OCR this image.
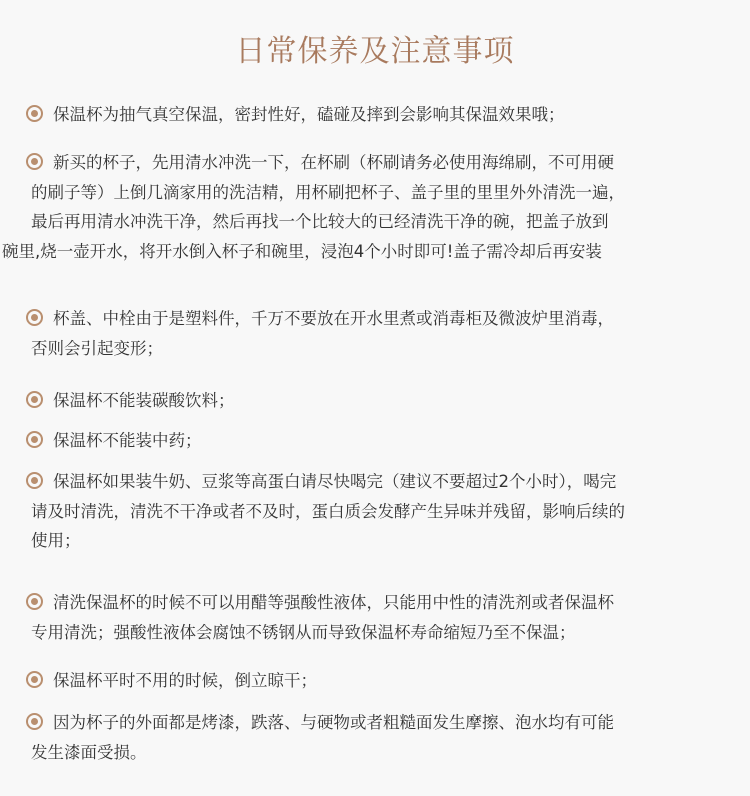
日常保养及注意事项
保温杯为抽气真空保温，密封性好，磕碰及摔到会影响其保温效果哦；
新买的杯子，先用清水冲洗一下，在杯刷（杯刷请务必使用海绵刷，不可用硬
的刷子等）上倒几滴家用的洗洁精，用杯刷把杯子、盖子里的里里外外清洗一遍，
最后再用清水冲洗干净，然后再找一个比较大的已经清洗干净的碗，把盖子放到
碗里,烧一壶开水，将开水倒入杯子和碗里，浸泡4个小时即可!盖子需冷却后再安装
杯盖、中栓由于是塑料件，千万不要放在开水里煮或消毒柜及微波炉里消毒，
否则会引起变形；
保温杯不能装碳酸饮料；
保温杯不能装中药；
保温杯如果装牛奶、豆浆等高蛋白请尽快喝完（建议不要超过2个小时），喝完
请及时清洗，清洗不干净或者不及时，蛋白质会发酵产生异味并残留，影响后续的
使用；
清洗保温杯的时候不可以用醋等强酸性液体，只能用中性的清洗剂或者保温杯
专用清洗；强酸性液体会腐蚀不锈钢从而导致保温杯寿命缩短乃至不保温；
保温杯平时不用的时候，倒立晾干；
因为杯子的外面都是烤漆，跌落、与硬物或者粗糙面发生摩擦、泡水均有可能
发生漆面受损。
